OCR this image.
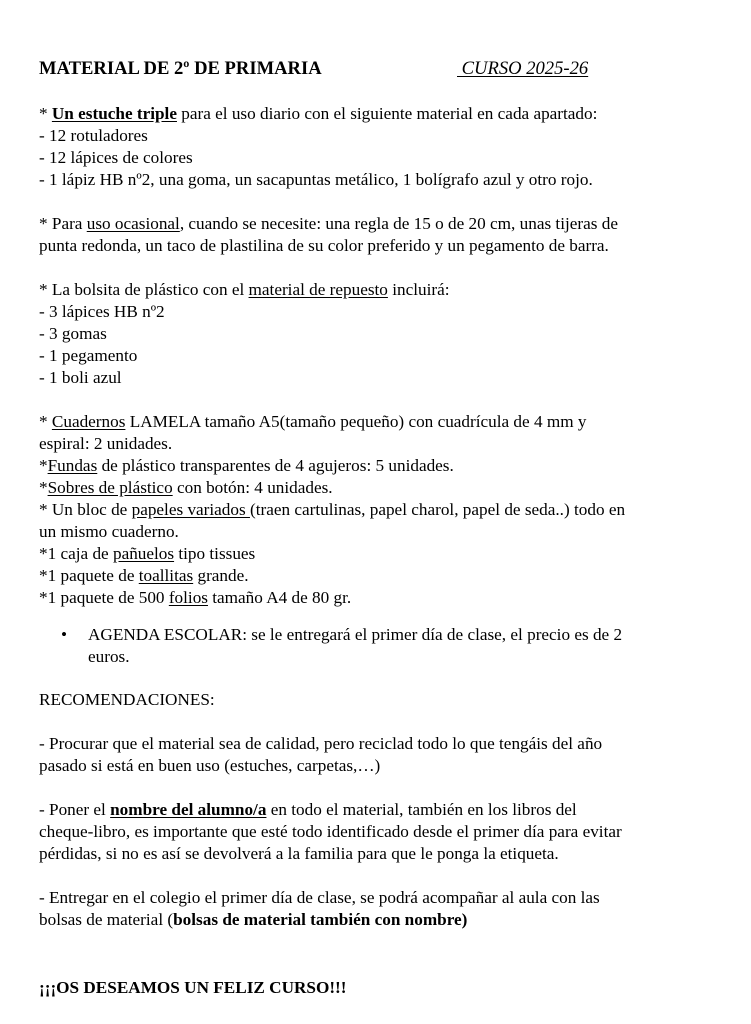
MATERIAL DE 2º DE PRIMARIA	CURSO 2025-26
* Un estuche triple para el uso diario con el siguiente material en cada apartado:
- 12 rotuladores
- 12 lápices de colores
- 1 lápiz HB nº2, una goma, un sacapuntas metálico, 1 bolígrafo azul y otro rojo.
* Para uso ocasional, cuando se necesite: una regla de 15 o de 20 cm, unas tijeras de
punta redonda, un taco de plastilina de su color preferido y un pegamento de barra.
* La bolsita de plástico con el material de repuesto incluirá:
- 3 lápices HB nº2
- 3 gomas
- 1 pegamento
- 1 boli azul
* Cuadernos LAMELA tamaño A5(tamaño pequeño) con cuadrícula de 4 mm y
espiral: 2 unidades.
*Fundas de plástico transparentes de 4 agujeros: 5 unidades.
*Sobres de plástico con botón: 4 unidades.
* Un bloc de papeles variados (traen cartulinas, papel charol, papel de seda..) todo en
un mismo cuaderno.
*1 caja de pañuelos tipo tissues
*1 paquete de toallitas grande.
*1 paquete de 500 folios tamaño A4 de 80 gr.
• AGENDA ESCOLAR: se le entregará el primer día de clase, el precio es de 2
euros.
RECOMENDACIONES:
- Procurar que el material sea de calidad, pero reciclad todo lo que tengáis del año
pasado si está en buen uso (estuches, carpetas,…)
- Poner el nombre del alumno/a en todo el material, también en los libros del
cheque-libro, es importante que esté todo identificado desde el primer día para evitar
pérdidas, si no es así se devolverá a la familia para que le ponga la etiqueta.
- Entregar en el colegio el primer día de clase, se podrá acompañar al aula con las
bolsas de material (bolsas de material también con nombre)
¡¡¡OS DESEAMOS UN FELIZ CURSO!!!
